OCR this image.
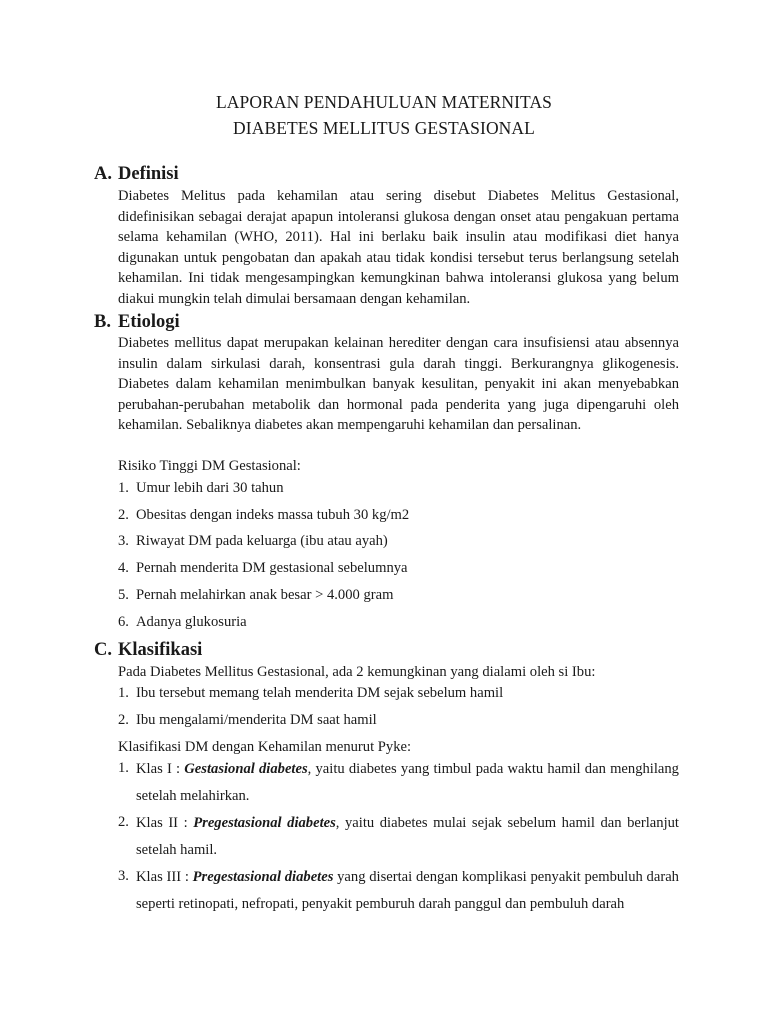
LAPORAN PENDAHULUAN MATERNITAS
DIABETES MELLITUS GESTASIONAL
A. Definisi
Diabetes Melitus pada kehamilan atau sering disebut Diabetes Melitus Gestasional, didefinisikan sebagai derajat apapun intoleransi glukosa dengan onset atau pengakuan pertama selama kehamilan (WHO, 2011). Hal ini berlaku baik insulin atau modifikasi diet hanya digunakan untuk pengobatan dan apakah atau tidak kondisi tersebut terus berlangsung setelah kehamilan. Ini tidak mengesampingkan kemungkinan bahwa intoleransi glukosa yang belum diakui mungkin telah dimulai bersamaan dengan kehamilan.
B. Etiologi
Diabetes mellitus dapat merupakan kelainan herediter dengan cara insufisiensi atau absennya insulin dalam sirkulasi darah, konsentrasi gula darah tinggi. Berkurangnya glikogenesis. Diabetes dalam kehamilan menimbulkan banyak kesulitan, penyakit ini akan menyebabkan perubahan-perubahan metabolik dan hormonal pada penderita yang juga dipengaruhi oleh kehamilan. Sebaliknya diabetes akan mempengaruhi kehamilan dan persalinan.
Risiko Tinggi DM Gestasional:
1. Umur lebih dari 30 tahun
2. Obesitas dengan indeks massa tubuh 30 kg/m2
3. Riwayat DM pada keluarga (ibu atau ayah)
4. Pernah menderita DM gestasional sebelumnya
5. Pernah melahirkan anak besar > 4.000 gram
6. Adanya glukosuria
C. Klasifikasi
Pada Diabetes Mellitus Gestasional, ada 2 kemungkinan yang dialami oleh si Ibu:
1. Ibu tersebut memang telah menderita DM sejak sebelum hamil
2. Ibu mengalami/menderita DM saat hamil
Klasifikasi DM dengan Kehamilan menurut Pyke:
1. Klas I : Gestasional diabetes, yaitu diabetes yang timbul pada waktu hamil dan menghilang setelah melahirkan.
2. Klas II : Pregestasional diabetes, yaitu diabetes mulai sejak sebelum hamil dan berlanjut setelah hamil.
3. Klas III : Pregestasional diabetes yang disertai dengan komplikasi penyakit pembuluh darah seperti retinopati, nefropati, penyakit pemburuh darah panggul dan pembuluh darah
